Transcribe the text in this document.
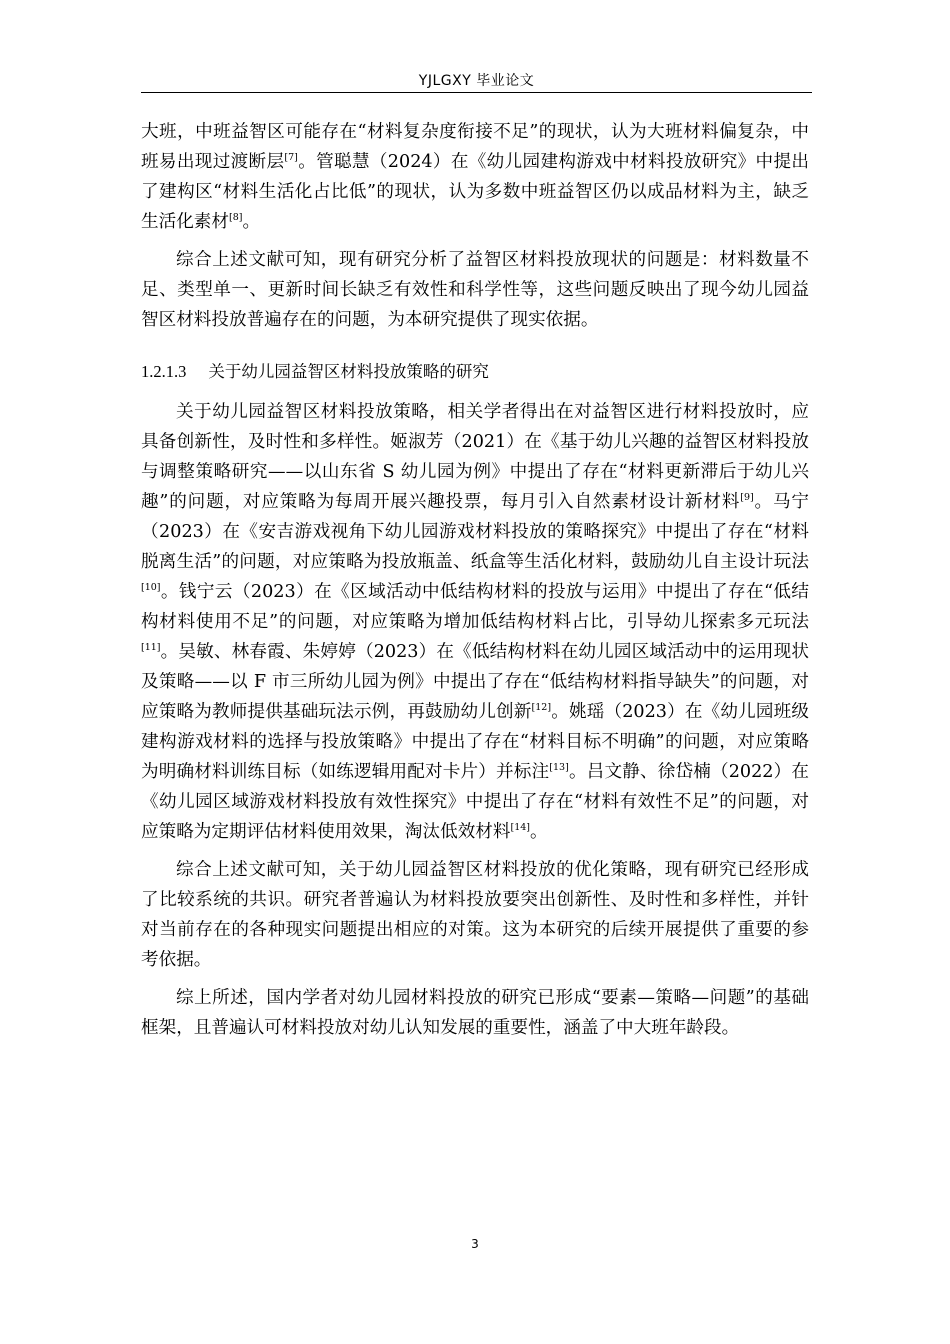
YJLGXY 毕业论文

大班，中班益智区可能存在“材料复杂度衔接不足”的现状，认为大班材料偏复杂，中班易出现过渡断层[7]。管聪慧（2024）在《幼儿园建构游戏中材料投放研究》中提出了建构区“材料生活化占比低”的现状，认为多数中班益智区仍以成品材料为主，缺乏生活化素材[8]。

综合上述文献可知，现有研究分析了益智区材料投放现状的问题是：材料数量不足、类型单一、更新时间长缺乏有效性和科学性等，这些问题反映出了现今幼儿园益智区材料投放普遍存在的问题，为本研究提供了现实依据。

1.2.1.3 关于幼儿园益智区材料投放策略的研究

关于幼儿园益智区材料投放策略，相关学者得出在对益智区进行材料投放时，应具备创新性，及时性和多样性。姬淑芳（2021）在《基于幼儿兴趣的益智区材料投放与调整策略研究——以山东省 S 幼儿园为例》中提出了存在“材料更新滞后于幼儿兴趣”的问题，对应策略为每周开展兴趣投票，每月引入自然素材设计新材料[9]。马宁（2023）在《安吉游戏视角下幼儿园游戏材料投放的策略探究》中提出了存在“材料脱离生活”的问题，对应策略为投放瓶盖、纸盒等生活化材料，鼓励幼儿自主设计玩法[10]。钱宁云（2023）在《区域活动中低结构材料的投放与运用》中提出了存在“低结构材料使用不足”的问题，对应策略为增加低结构材料占比，引导幼儿探索多元玩法[11]。吴敏、林春霞、朱婷婷（2023）在《低结构材料在幼儿园区域活动中的运用现状及策略——以 F 市三所幼儿园为例》中提出了存在“低结构材料指导缺失”的问题，对应策略为教师提供基础玩法示例，再鼓励幼儿创新[12]。姚瑶（2023）在《幼儿园班级建构游戏材料的选择与投放策略》中提出了存在“材料目标不明确”的问题，对应策略为明确材料训练目标（如练逻辑用配对卡片）并标注[13]。吕文静、徐岱楠（2022）在《幼儿园区域游戏材料投放有效性探究》中提出了存在“材料有效性不足”的问题，对应策略为定期评估材料使用效果，淘汰低效材料[14]。

综合上述文献可知，关于幼儿园益智区材料投放的优化策略，现有研究已经形成了比较系统的共识。研究者普遍认为材料投放要突出创新性、及时性和多样性，并针对当前存在的各种现实问题提出相应的对策。这为本研究的后续开展提供了重要的参考依据。

综上所述，国内学者对幼儿园材料投放的研究已形成“要素—策略—问题”的基础框架，且普遍认可材料投放对幼儿认知发展的重要性，涵盖了中大班年龄段。

3
